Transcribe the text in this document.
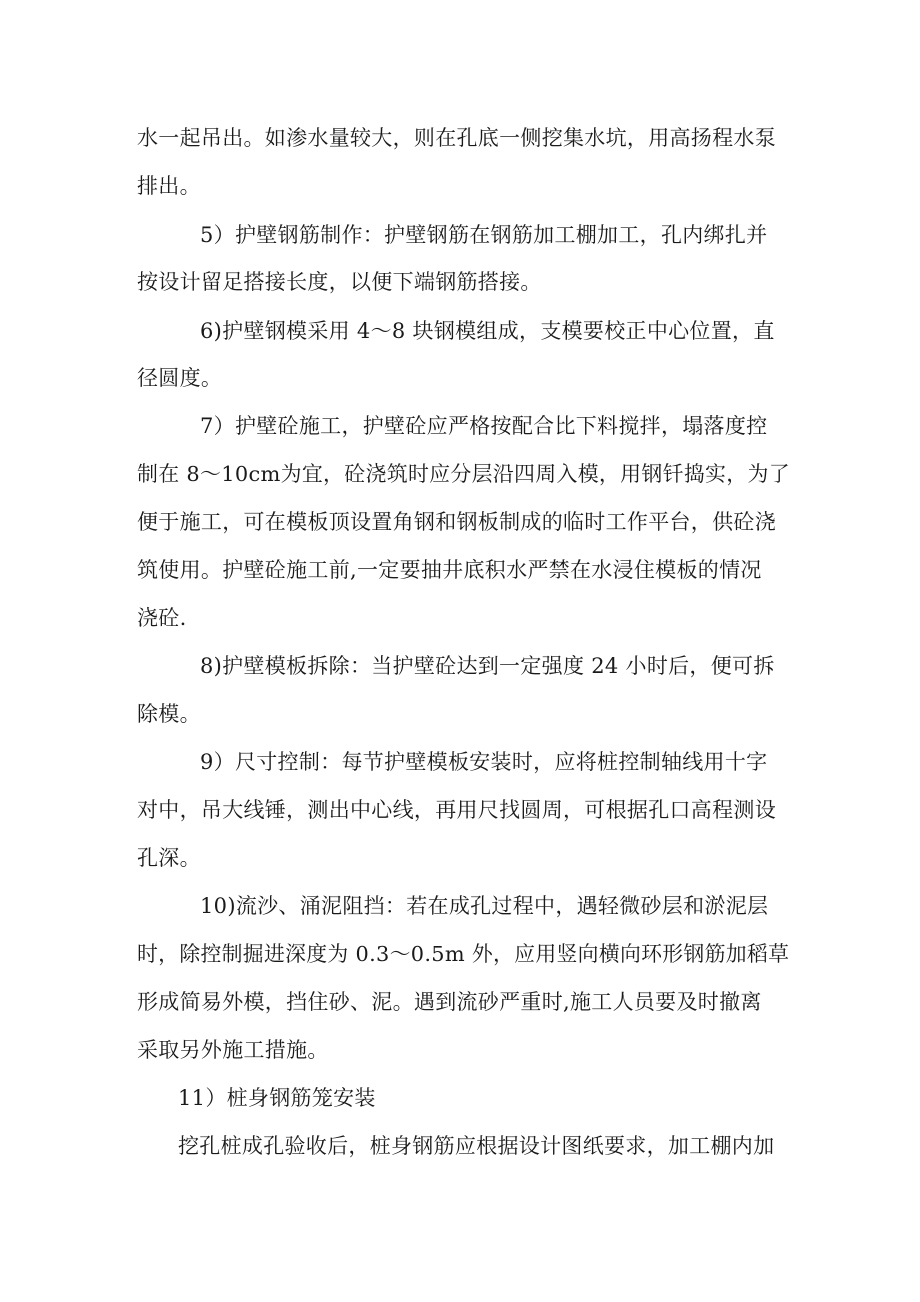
水一起吊出。如渗水量较大，则在孔底一侧挖集水坑，用高扬程水泵
排出。
5）护壁钢筋制作：护壁钢筋在钢筋加工棚加工，孔内绑扎并
按设计留足搭接长度，以便下端钢筋搭接。
6)护壁钢模采用 4～8 块钢模组成，支模要校正中心位置，直
径圆度。
7）护壁砼施工，护壁砼应严格按配合比下料搅拌，塌落度控
制在 8～10cm为宜，砼浇筑时应分层沿四周入模，用钢钎捣实，为了
便于施工，可在模板顶设置角钢和钢板制成的临时工作平台，供砼浇
筑使用。护壁砼施工前,一定要抽井底积水严禁在水浸住模板的情况
浇砼.
8)护壁模板拆除：当护壁砼达到一定强度 24 小时后，便可拆
除模。
9）尺寸控制：每节护壁模板安装时，应将桩控制轴线用十字
对中，吊大线锤，测出中心线，再用尺找圆周，可根据孔口高程测设
孔深。
10)流沙、涌泥阻挡：若在成孔过程中，遇轻微砂层和淤泥层
时，除控制掘进深度为 0.3～0.5m 外，应用竖向横向环形钢筋加稻草
形成简易外模，挡住砂、泥。遇到流砂严重时,施工人员要及时撤离
采取另外施工措施。
11）桩身钢筋笼安装
挖孔桩成孔验收后，桩身钢筋应根据设计图纸要求，加工棚内加
